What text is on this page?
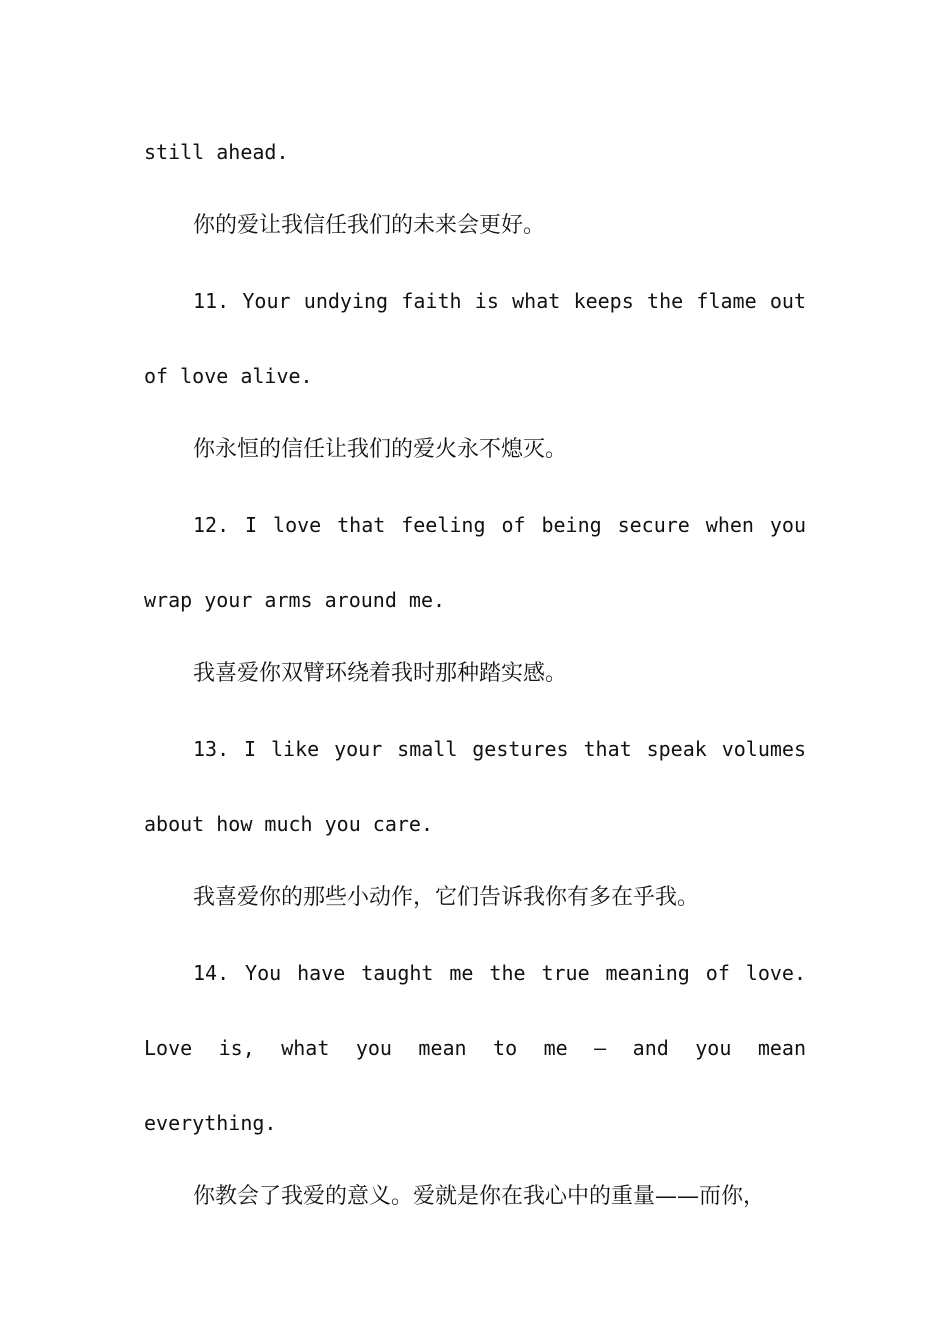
still ahead.
你的爱让我信任我们的未来会更好。
11. Your undying faith is what keeps the flame out
of love alive.
你永恒的信任让我们的爱火永不熄灭。
12. I love that feeling of being secure when you
wrap your arms around me.
我喜爱你双臂环绕着我时那种踏实感。
13. I like your small gestures that speak volumes
about how much you care.
我喜爱你的那些小动作，它们告诉我你有多在乎我。
14. You have taught me the true meaning of love.
Love is, what you mean to me – and you mean
everything.
你教会了我爱的意义。爱就是你在我心中的重量——而你，
